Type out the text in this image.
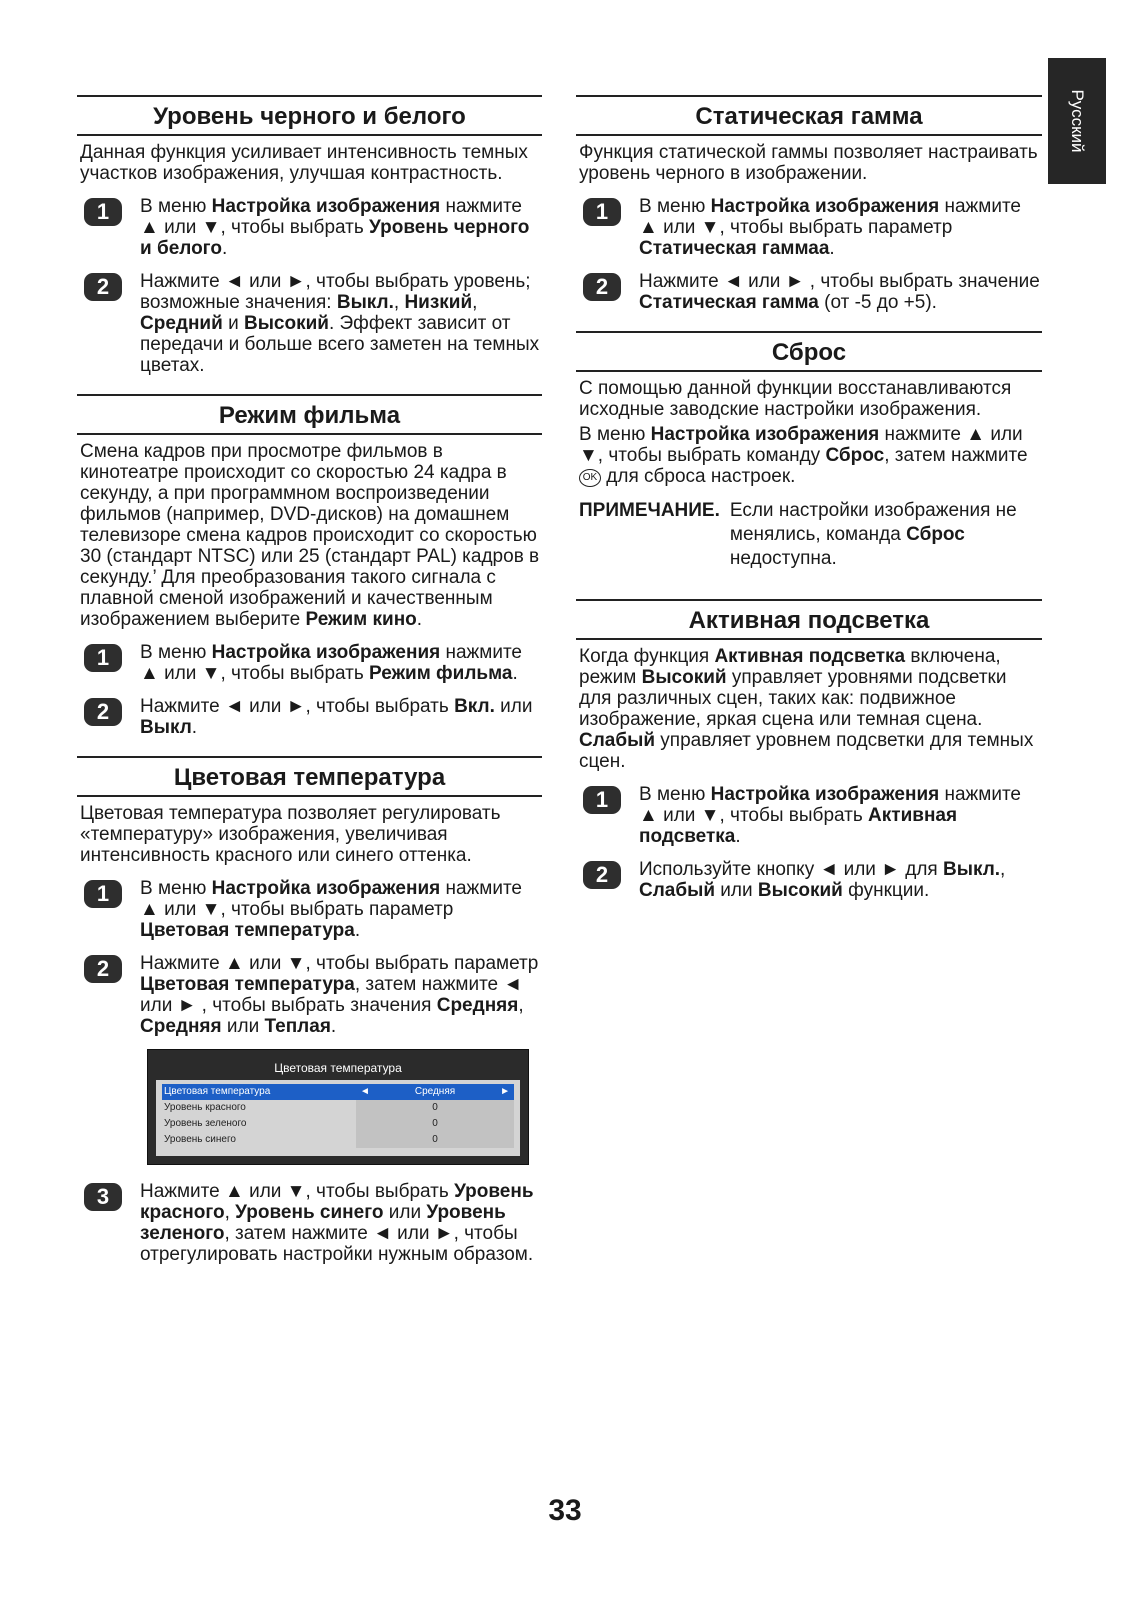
Русский
Уровень черного и белого
Данная функция усиливает интенсивность темных участков изображения, улучшая контрастность.
1	В меню Настройка изображения нажмите ▲ или ▼, чтобы выбрать Уровень черного и белого.
2	Нажмите ◄ или ►, чтобы выбрать уровень; возможные значения: Выкл., Низкий, Средний и Высокий. Эффект зависит от передачи и больше всего заметен на темных цветах.
Режим фильма
Смена кадров при просмотре фильмов в кинотеатре происходит со скоростью 24 кадра в секунду, а при программном воспроизведении фильмов (например, DVD-дисков) на домашнем телевизоре смена кадров происходит со скоростью 30 (стандарт NTSC) или 25 (стандарт PAL) кадров в секунду.’ Для преобразования такого сигнала с плавной сменой изображений и качественным изображением выберите Режим кино.
1	В меню Настройка изображения нажмите ▲ или ▼, чтобы выбрать Режим фильма.
2	Нажмите ◄ или ►, чтобы выбрать Вкл. или Выкл.
Цветовая температура
Цветовая температура позволяет регулировать «температуру» изображения, увеличивая интенсивность красного или синего оттенка.
1	В меню Настройка изображения нажмите ▲ или ▼, чтобы выбрать параметр Цветовая температура.
2	Нажмите ▲ или ▼, чтобы выбрать параметр Цветовая температура, затем нажмите ◄ или ► , чтобы выбрать значения Средняя, Средняя или Теплая.
Цветовая температура
Цветовая температура	◄	Средняя	►
Уровень красного	0
Уровень зеленого	0
Уровень синего	0
3	Нажмите ▲ или ▼, чтобы выбрать Уровень красного, Уровень синего или Уровень зеленого, затем нажмите ◄ или ►, чтобы отрегулировать настройки нужным образом.
Статическая гамма
Функция статической гаммы позволяет настраивать уровень черного в изображении.
1	В меню Настройка изображения нажмите ▲ или ▼, чтобы выбрать параметр Статическая гаммаа.
2	Нажмите ◄ или ► , чтобы выбрать значение Статическая гамма (от -5 до +5).
Сброс
С помощью данной функции восстанавливаются исходные заводские настройки изображения.
В меню Настройка изображения нажмите ▲ или ▼, чтобы выбрать команду Сброс, затем нажмите OK для сброса настроек.
ПРИМЕЧАНИЕ. Если настройки изображения не менялись, команда Сброс недоступна.
Активная подсветка
Когда функция Активная подсветка включена, режим Высокий управляет уровнями подсветки для различных сцен, таких как: подвижное изображение, яркая сцена или темная сцена. Слабый управляет уровнем подсветки для темных сцен.
1	В меню Настройка изображения нажмите ▲ или ▼, чтобы выбрать Активная подсветка.
2	Используйте кнопку ◄ или ► для Выкл., Слабый или Высокий функции.
33
